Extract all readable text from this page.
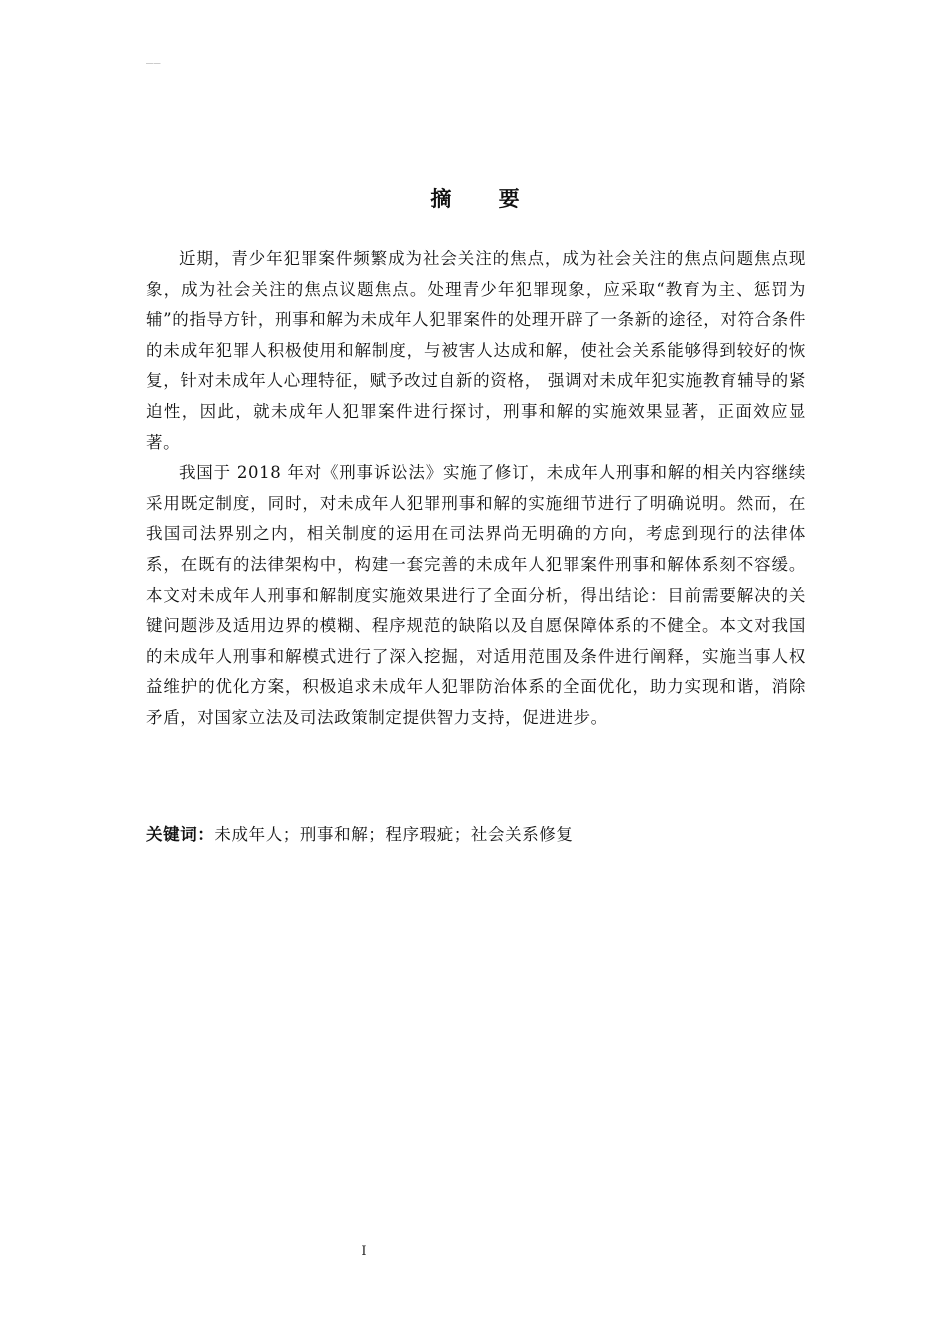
——
摘 要

近期，青少年犯罪案件频繁成为社会关注的焦点，成为社会关注的焦点问题焦点现象，成为社会关注的焦点议题焦点。处理青少年犯罪现象，应采取“教育为主、惩罚为辅”的指导方针，刑事和解为未成年人犯罪案件的处理开辟了一条新的途径，对符合条件的未成年犯罪人积极使用和解制度，与被害人达成和解，使社会关系能够得到较好的恢复，针对未成年人心理特征，赋予改过自新的资格， 强调对未成年犯实施教育辅导的紧迫性，因此，就未成年人犯罪案件进行探讨，刑事和解的实施效果显著，正面效应显著。

我国于 2018 年对《刑事诉讼法》实施了修订，未成年人刑事和解的相关内容继续采用既定制度，同时，对未成年人犯罪刑事和解的实施细节进行了明确说明。然而，在我国司法界别之内，相关制度的运用在司法界尚无明确的方向，考虑到现行的法律体系，在既有的法律架构中，构建一套完善的未成年人犯罪案件刑事和解体系刻不容缓。本文对未成年人刑事和解制度实施效果进行了全面分析，得出结论：目前需要解决的关键问题涉及适用边界的模糊、程序规范的缺陷以及自愿保障体系的不健全。本文对我国的未成年人刑事和解模式进行了深入挖掘，对适用范围及条件进行阐释，实施当事人权益维护的优化方案，积极追求未成年人犯罪防治体系的全面优化，助力实现和谐，消除矛盾，对国家立法及司法政策制定提供智力支持，促进进步。

关键词：未成年人；刑事和解；程序瑕疵；社会关系修复

I
